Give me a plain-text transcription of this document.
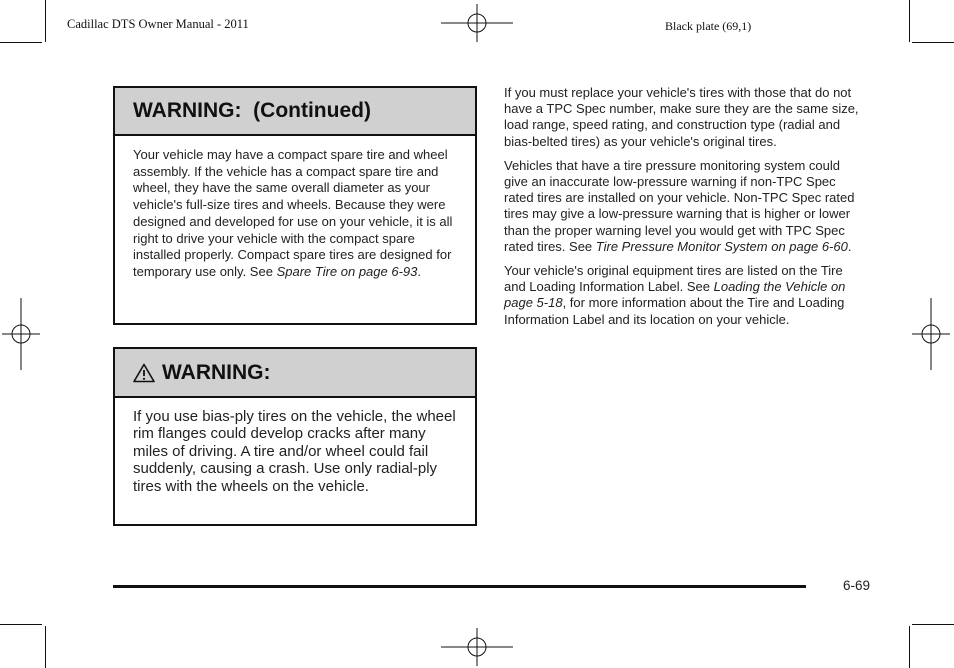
Cadillac DTS Owner Manual - 2011	Black plate (69,1)
WARNING:  (Continued)

Your vehicle may have a compact spare tire and wheel assembly. If the vehicle has a compact spare tire and wheel, they have the same overall diameter as your vehicle's full-size tires and wheels. Because they were designed and developed for use on your vehicle, it is all right to drive your vehicle with the compact spare installed properly. Compact spare tires are designed for temporary use only. See Spare Tire on page 6-93.

WARNING:

If you use bias-ply tires on the vehicle, the wheel rim flanges could develop cracks after many miles of driving. A tire and/or wheel could fail suddenly, causing a crash. Use only radial-ply tires with the wheels on the vehicle.

If you must replace your vehicle's tires with those that do not have a TPC Spec number, make sure they are the same size, load range, speed rating, and construction type (radial and bias-belted tires) as your vehicle's original tires.

Vehicles that have a tire pressure monitoring system could give an inaccurate low-pressure warning if non-TPC Spec rated tires are installed on your vehicle. Non-TPC Spec rated tires may give a low-pressure warning that is higher or lower than the proper warning level you would get with TPC Spec rated tires. See Tire Pressure Monitor System on page 6-60.

Your vehicle's original equipment tires are listed on the Tire and Loading Information Label. See Loading the Vehicle on page 5-18, for more information about the Tire and Loading Information Label and its location on your vehicle.

6-69
